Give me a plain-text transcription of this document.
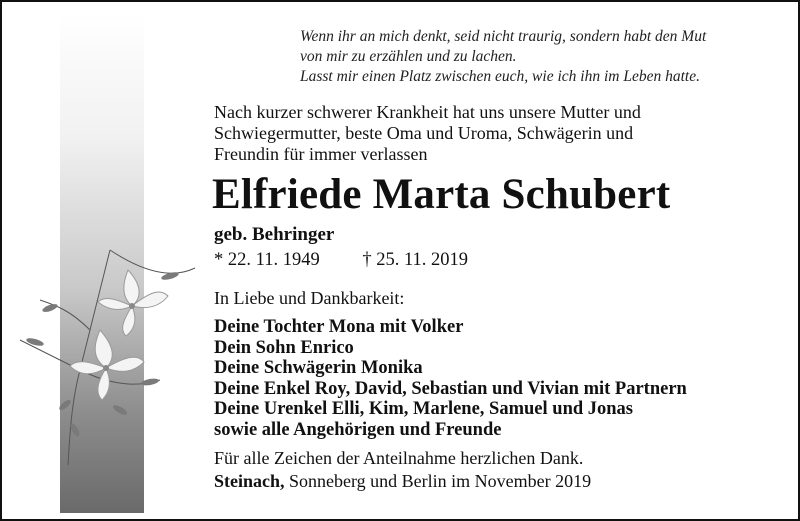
Wenn ihr an mich denkt, seid nicht traurig, sondern habt den Mut
von mir zu erzählen und zu lachen.
Lasst mir einen Platz zwischen euch, wie ich ihn im Leben hatte.
Nach kurzer schwerer Krankheit hat uns unsere Mutter und
Schwiegermutter, beste Oma und Uroma, Schwägerin und
Freundin für immer verlassen
Elfriede Marta Schubert
geb. Behringer
* 22. 11. 1949 † 25. 11. 2019
In Liebe und Dankbarkeit:
Deine Tochter Mona mit Volker
Dein Sohn Enrico
Deine Schwägerin Monika
Deine Enkel Roy, David, Sebastian und Vivian mit Partnern
Deine Urenkel Elli, Kim, Marlene, Samuel und Jonas
sowie alle Angehörigen und Freunde
Für alle Zeichen der Anteilnahme herzlichen Dank.
Steinach, Sonneberg und Berlin im November 2019
